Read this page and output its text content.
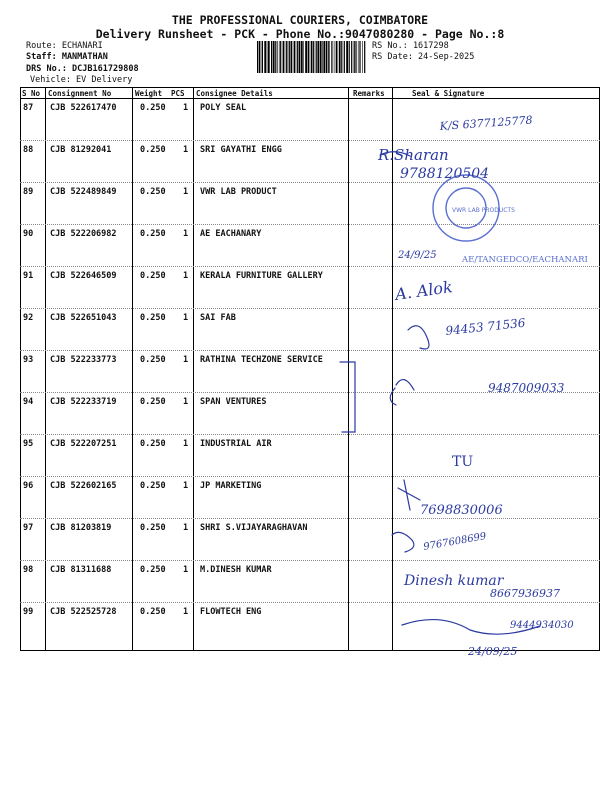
THE PROFESSIONAL COURIERS, COIMBATORE
Delivery Runsheet - PCK - Phone No.:9047080280 - Page No.:8
Route: ECHANARI
Staff: MANMATHAN
DRS No.: DCJB161729808
Vehicle: EV Delivery
RS No.: 1617298
RS Date: 24-Sep-2025
S No Consignment No	Weight PCS Consignee Details	Remarks	Seal & Signature
87 CJB 522617470	0.250 1 POLY SEAL
88 CJB 81292041	0.250 1 SRI GAYATHI ENGG
89 CJB 522489849	0.250 1 VWR LAB PRODUCT
90 CJB 522206982	0.250 1 AE EACHANARY
91 CJB 522646509	0.250 1 KERALA FURNITURE GALLERY
92 CJB 522651043	0.250 1 SAI FAB
93 CJB 522233773	0.250 1 RATHINA TECHZONE SERVICE
94 CJB 522233719	0.250 1 SPAN VENTURES
95 CJB 522207251	0.250 1 INDUSTRIAL AIR
96 CJB 522602165	0.250 1 JP MARKETING
97 CJB 81203819	0.250 1 SHRI S.VIJAYARAGHAVAN
98 CJB 81311688	0.250 1 M.DINESH KUMAR
99 CJB 522525728	0.250 1 FLOWTECH ENG
VWR LAB PRODUCTS
K/S 6377125778
R.Sharan
9788120504
24/9/25	AE/TANGEDCO/EACHANARI
A. Alok
94453 71536
9487009033
TU
7698830006
9767608699
Dinesh kumar
8667936937
9444934030
24/09/25
